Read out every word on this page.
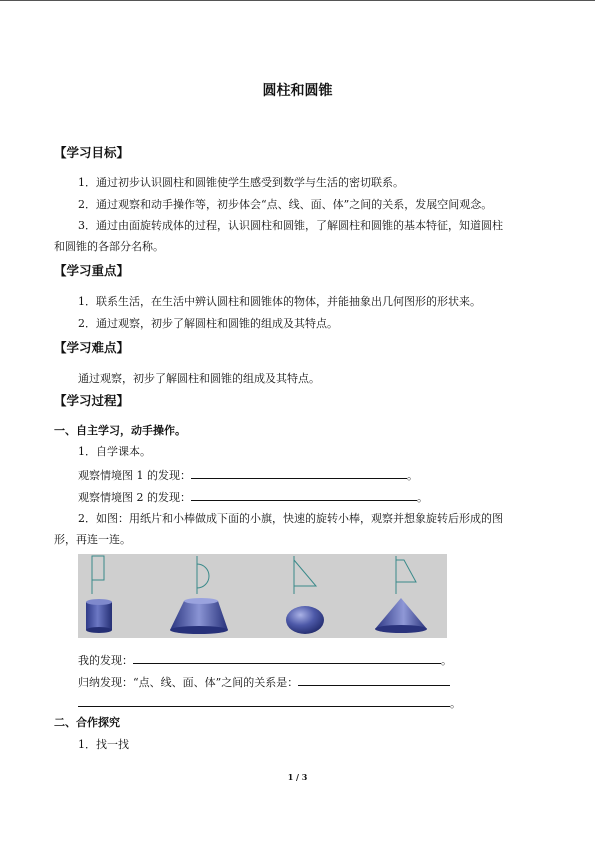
圆柱和圆锥
【学习目标】
1．通过初步认识圆柱和圆锥使学生感受到数学与生活的密切联系。
2．通过观察和动手操作等，初步体会“点、线、面、体”之间的关系，发展空间观念。
3．通过由面旋转成体的过程，认识圆柱和圆锥，了解圆柱和圆锥的基本特征，知道圆柱
和圆锥的各部分名称。
【学习重点】
1．联系生活，在生活中辨认圆柱和圆锥体的物体，并能抽象出几何图形的形状来。
2．通过观察，初步了解圆柱和圆锥的组成及其特点。
【学习难点】
通过观察，初步了解圆柱和圆锥的组成及其特点。
【学习过程】
一、自主学习，动手操作。
1．自学课本。
观察情境图 1 的发现：	。
观察情境图 2 的发现：	。
2．如图：用纸片和小棒做成下面的小旗，快速的旋转小棒，观察并想象旋转后形成的图
形，再连一连。
我的发现：	。
归纳发现：“点、线、面、体”之间的关系是：
。
二、合作探究
1．找一找
1 / 3
